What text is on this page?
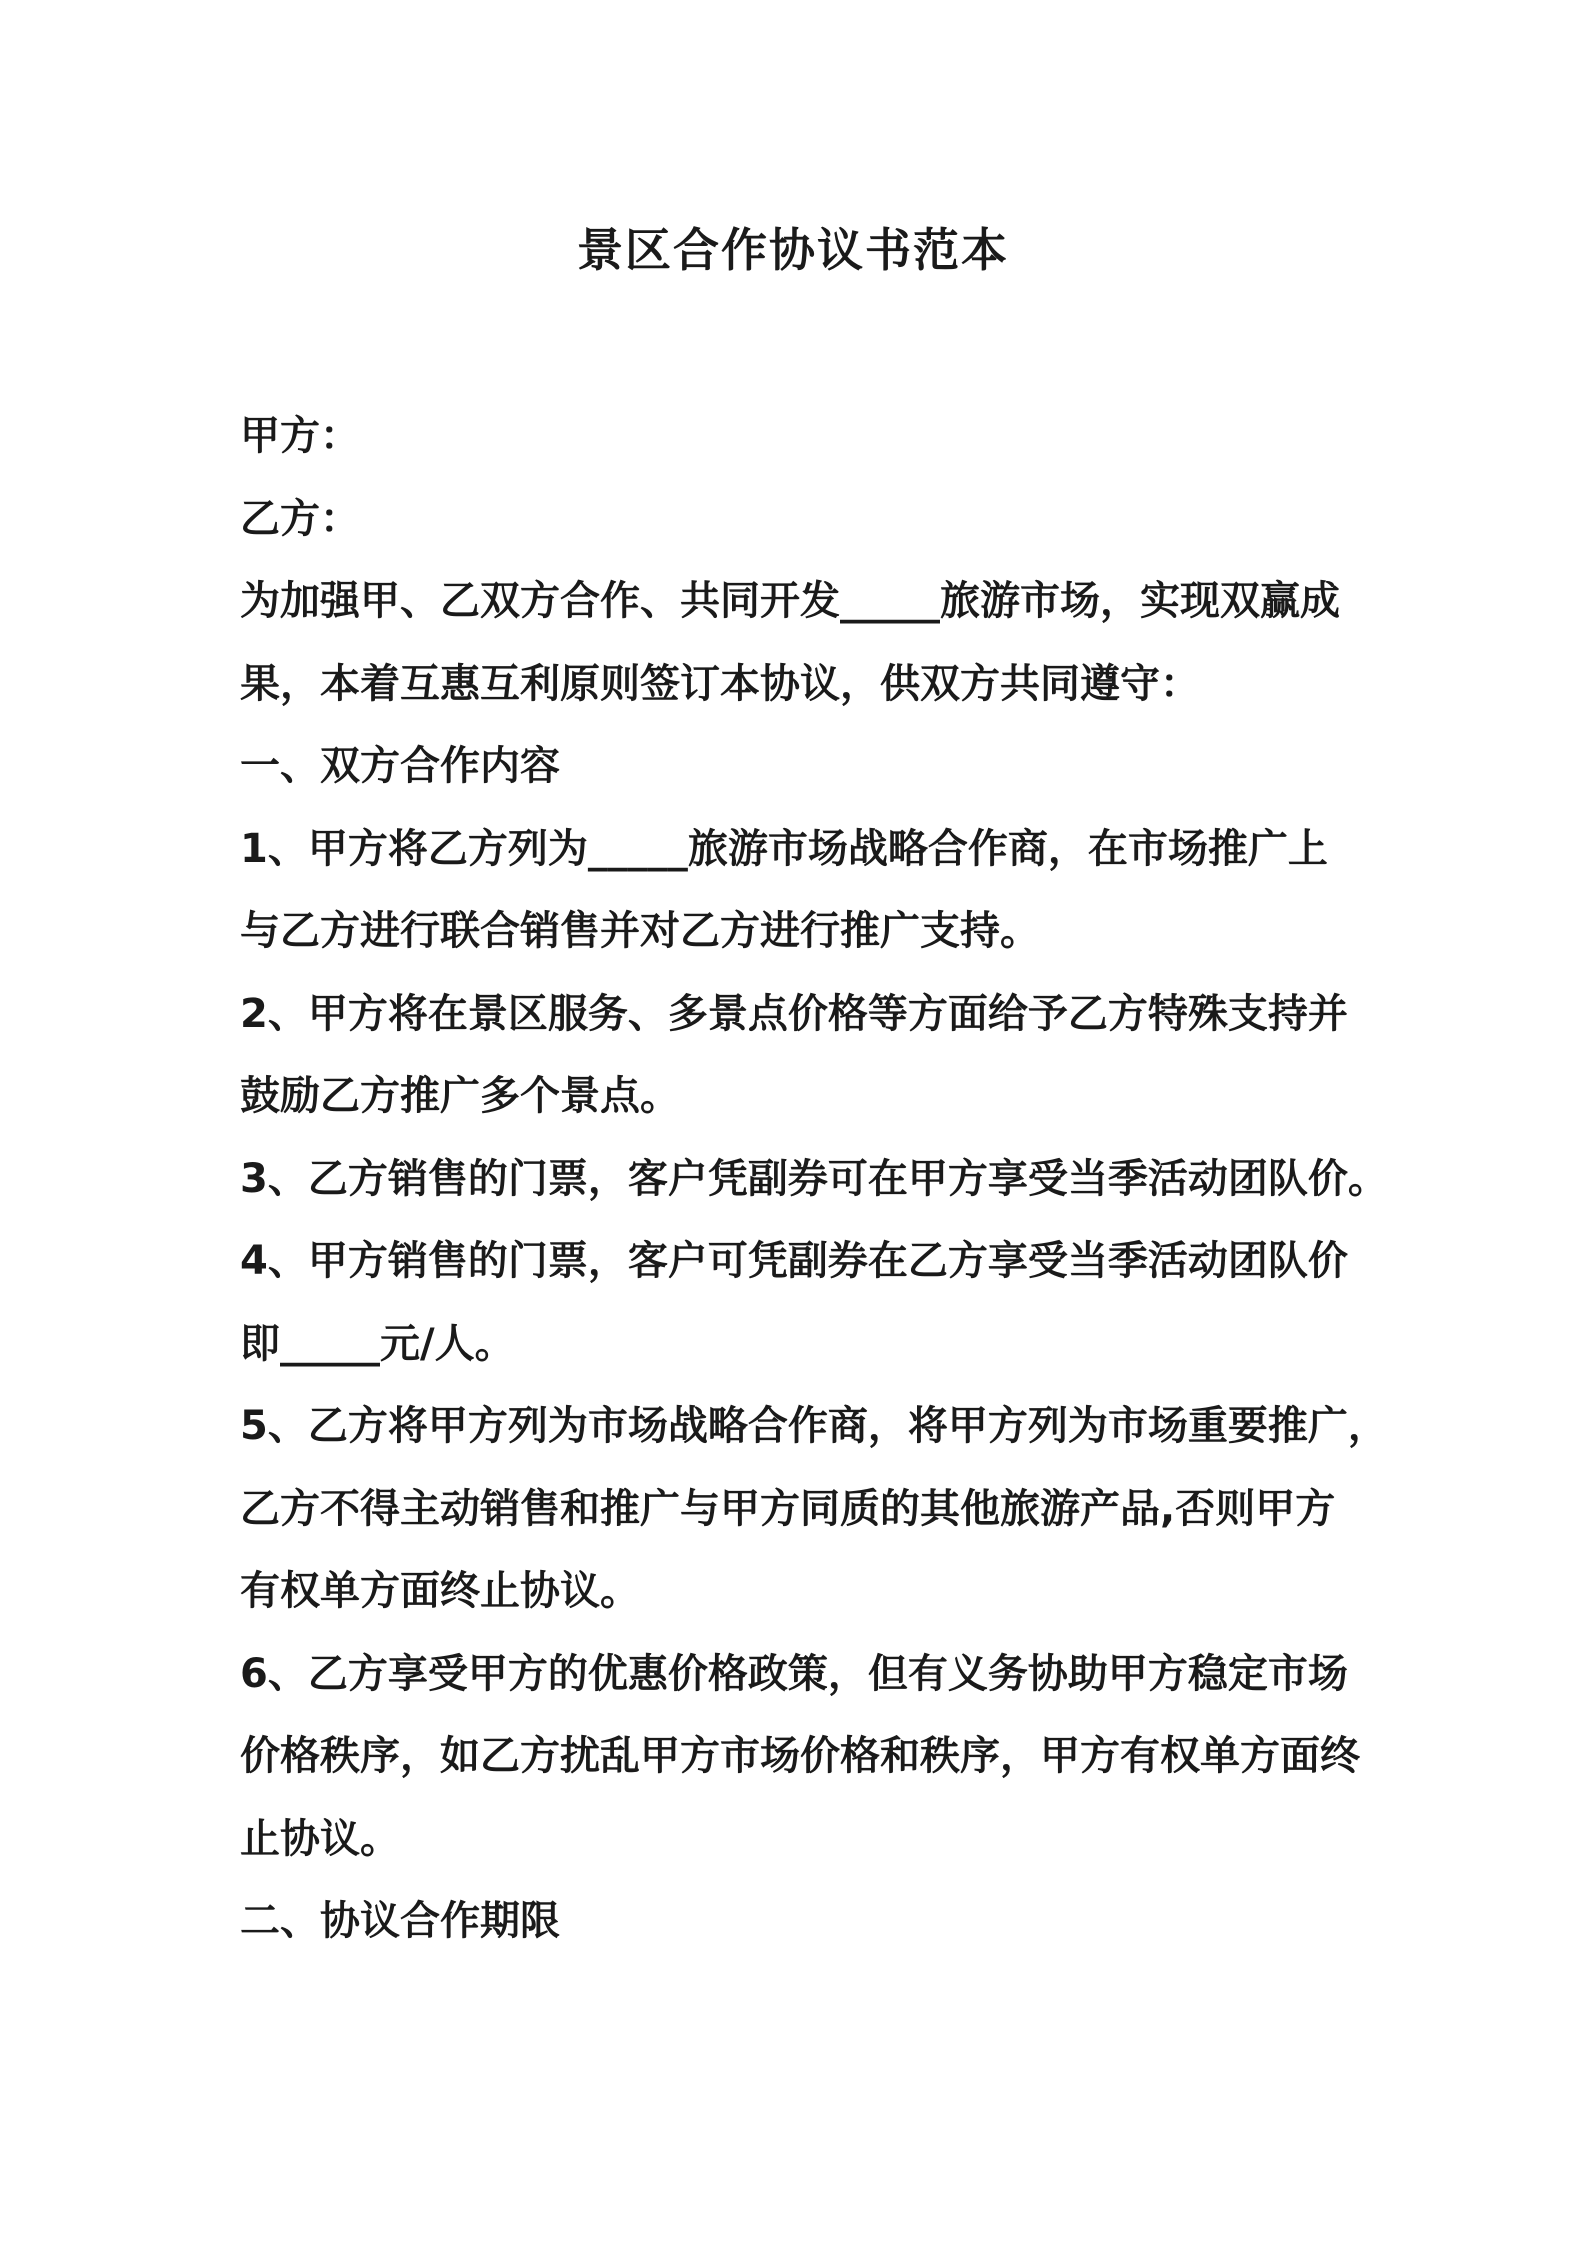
景区合作协议书范本
甲方：
乙方：
为加强甲、乙双方合作、共同开发_____旅游市场，实现双赢成
果，本着互惠互利原则签订本协议，供双方共同遵守：
一、双方合作内容
1、甲方将乙方列为_____旅游市场战略合作商，在市场推广上
与乙方进行联合销售并对乙方进行推广支持。
2、甲方将在景区服务、多景点价格等方面给予乙方特殊支持并
鼓励乙方推广多个景点。
3、乙方销售的门票，客户凭副券可在甲方享受当季活动团队价。
4、甲方销售的门票，客户可凭副券在乙方享受当季活动团队价
即_____元/人。
5、乙方将甲方列为市场战略合作商，将甲方列为市场重要推广，
乙方不得主动销售和推广与甲方同质的其他旅游产品,否则甲方
有权单方面终止协议。
6、乙方享受甲方的优惠价格政策，但有义务协助甲方稳定市场
价格秩序，如乙方扰乱甲方市场价格和秩序，甲方有权单方面终
止协议。
二、协议合作期限
